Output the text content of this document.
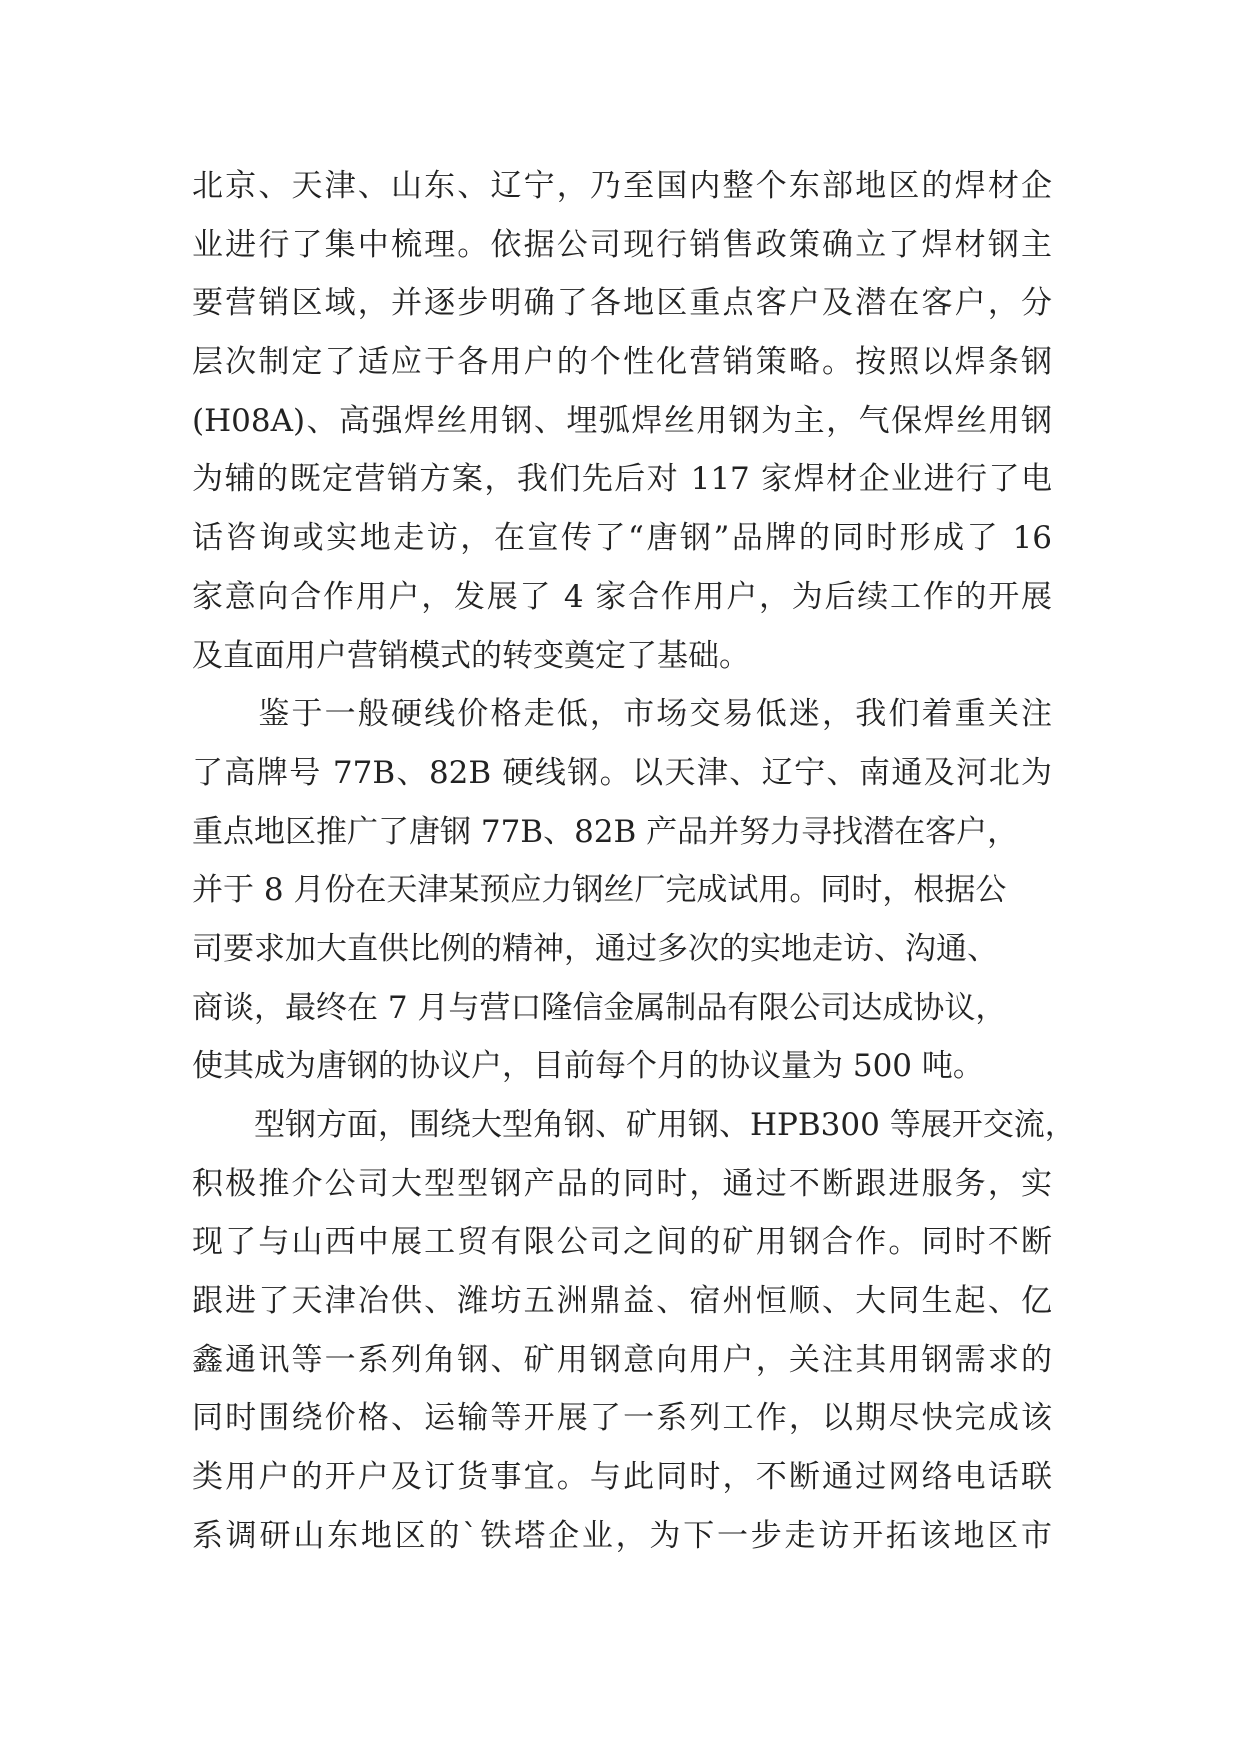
北京、天津、山东、辽宁，乃至国内整个东部地区的焊材企
业进行了集中梳理。依据公司现行销售政策确立了焊材钢主
要营销区域，并逐步明确了各地区重点客户及潜在客户，分
层次制定了适应于各用户的个性化营销策略。按照以焊条钢
(H08A)、高强焊丝用钢、埋弧焊丝用钢为主，气保焊丝用钢
为辅的既定营销方案，我们先后对 117 家焊材企业进行了电
话咨询或实地走访，在宣传了“唐钢”品牌的同时形成了 16
家意向合作用户，发展了 4 家合作用户，为后续工作的开展
及直面用户营销模式的转变奠定了基础。
　　鉴于一般硬线价格走低，市场交易低迷，我们着重关注
了高牌号 77B、82B 硬线钢。以天津、辽宁、南通及河北为
重点地区推广了唐钢 77B、82B 产品并努力寻找潜在客户，
并于 8 月份在天津某预应力钢丝厂完成试用。同时，根据公
司要求加大直供比例的精神，通过多次的实地走访、沟通、
商谈，最终在 7 月与营口隆信金属制品有限公司达成协议，
使其成为唐钢的协议户，目前每个月的协议量为 500 吨。
　　型钢方面，围绕大型角钢、矿用钢、HPB300 等展开交流，
积极推介公司大型型钢产品的同时，通过不断跟进服务，实
现了与山西中展工贸有限公司之间的矿用钢合作。同时不断
跟进了天津冶供、潍坊五洲鼎益、宿州恒顺、大同生起、亿
鑫通讯等一系列角钢、矿用钢意向用户，关注其用钢需求的
同时围绕价格、运输等开展了一系列工作，以期尽快完成该
类用户的开户及订货事宜。与此同时，不断通过网络电话联
系调研山东地区的`铁塔企业，为下一步走访开拓该地区市
